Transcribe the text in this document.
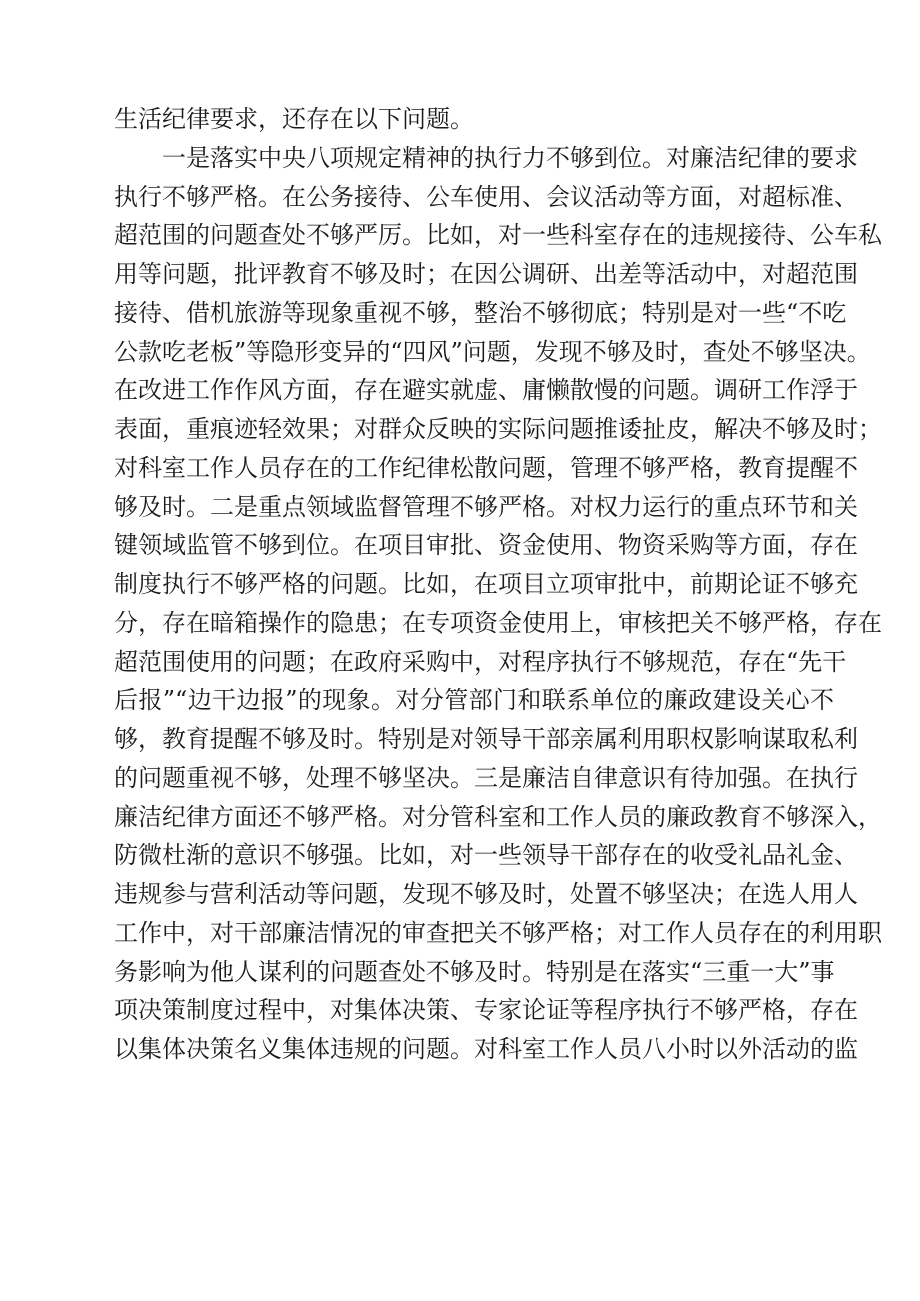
生活纪律要求，还存在以下问题。
一是落实中央八项规定精神的执行力不够到位。对廉洁纪律的要求
执行不够严格。在公务接待、公车使用、会议活动等方面，对超标准、
超范围的问题查处不够严厉。比如，对一些科室存在的违规接待、公车私
用等问题，批评教育不够及时；在因公调研、出差等活动中，对超范围
接待、借机旅游等现象重视不够，整治不够彻底；特别是对一些“不吃
公款吃老板”等隐形变异的“四风”问题，发现不够及时，查处不够坚决。
在改进工作作风方面，存在避实就虚、庸懒散慢的问题。调研工作浮于
表面，重痕迹轻效果；对群众反映的实际问题推诿扯皮，解决不够及时；
对科室工作人员存在的工作纪律松散问题，管理不够严格，教育提醒不
够及时。二是重点领域监督管理不够严格。对权力运行的重点环节和关
键领域监管不够到位。在项目审批、资金使用、物资采购等方面，存在
制度执行不够严格的问题。比如，在项目立项审批中，前期论证不够充
分，存在暗箱操作的隐患；在专项资金使用上，审核把关不够严格，存在
超范围使用的问题；在政府采购中，对程序执行不够规范，存在“先干
后报”“边干边报”的现象。对分管部门和联系单位的廉政建设关心不
够，教育提醒不够及时。特别是对领导干部亲属利用职权影响谋取私利
的问题重视不够，处理不够坚决。三是廉洁自律意识有待加强。在执行
廉洁纪律方面还不够严格。对分管科室和工作人员的廉政教育不够深入，
防微杜渐的意识不够强。比如，对一些领导干部存在的收受礼品礼金、
违规参与营利活动等问题，发现不够及时，处置不够坚决；在选人用人
工作中，对干部廉洁情况的审查把关不够严格；对工作人员存在的利用职
务影响为他人谋利的问题查处不够及时。特别是在落实“三重一大”事
项决策制度过程中，对集体决策、专家论证等程序执行不够严格，存在
以集体决策名义集体违规的问题。对科室工作人员八小时以外活动的监
